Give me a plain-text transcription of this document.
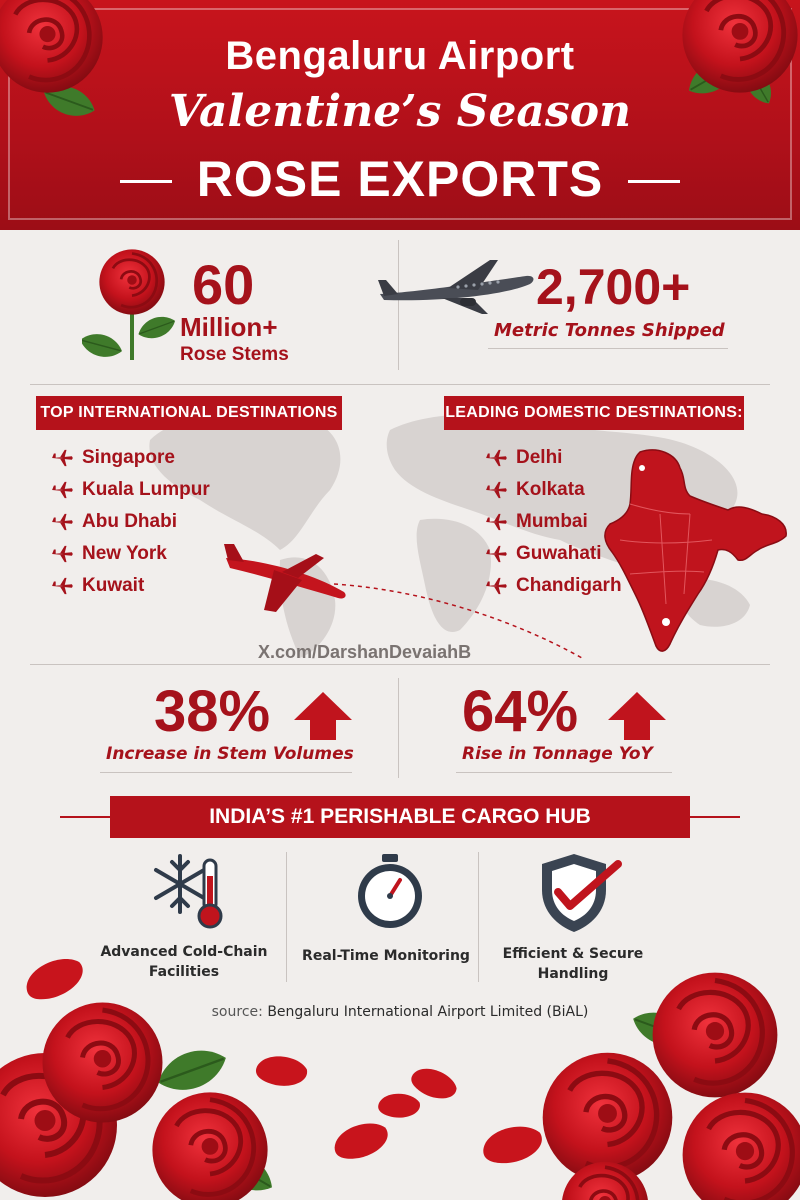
Bengaluru Airport
Valentine’s Season
ROSE EXPORTS
60
Million+
Rose Stems
2,700+
Metric Tonnes Shipped
TOP INTERNATIONAL DESTINATIONS	LEADING DOMESTIC DESTINATIONS:
Singapore
Kuala Lumpur
Abu Dhabi
New York
Kuwait
Delhi
Kolkata
Mumbai
Guwahati
Chandigarh
X.com/DarshanDevaiahB
38%
Increase in Stem Volumes
64%
Rise in Tonnage YoY
INDIA’S #1 PERISHABLE CARGO HUB
Advanced Cold-Chain Facilities
Real-Time Monitoring	Efficient & Secure Handling
source: Bengaluru International Airport Limited (BiAL)
